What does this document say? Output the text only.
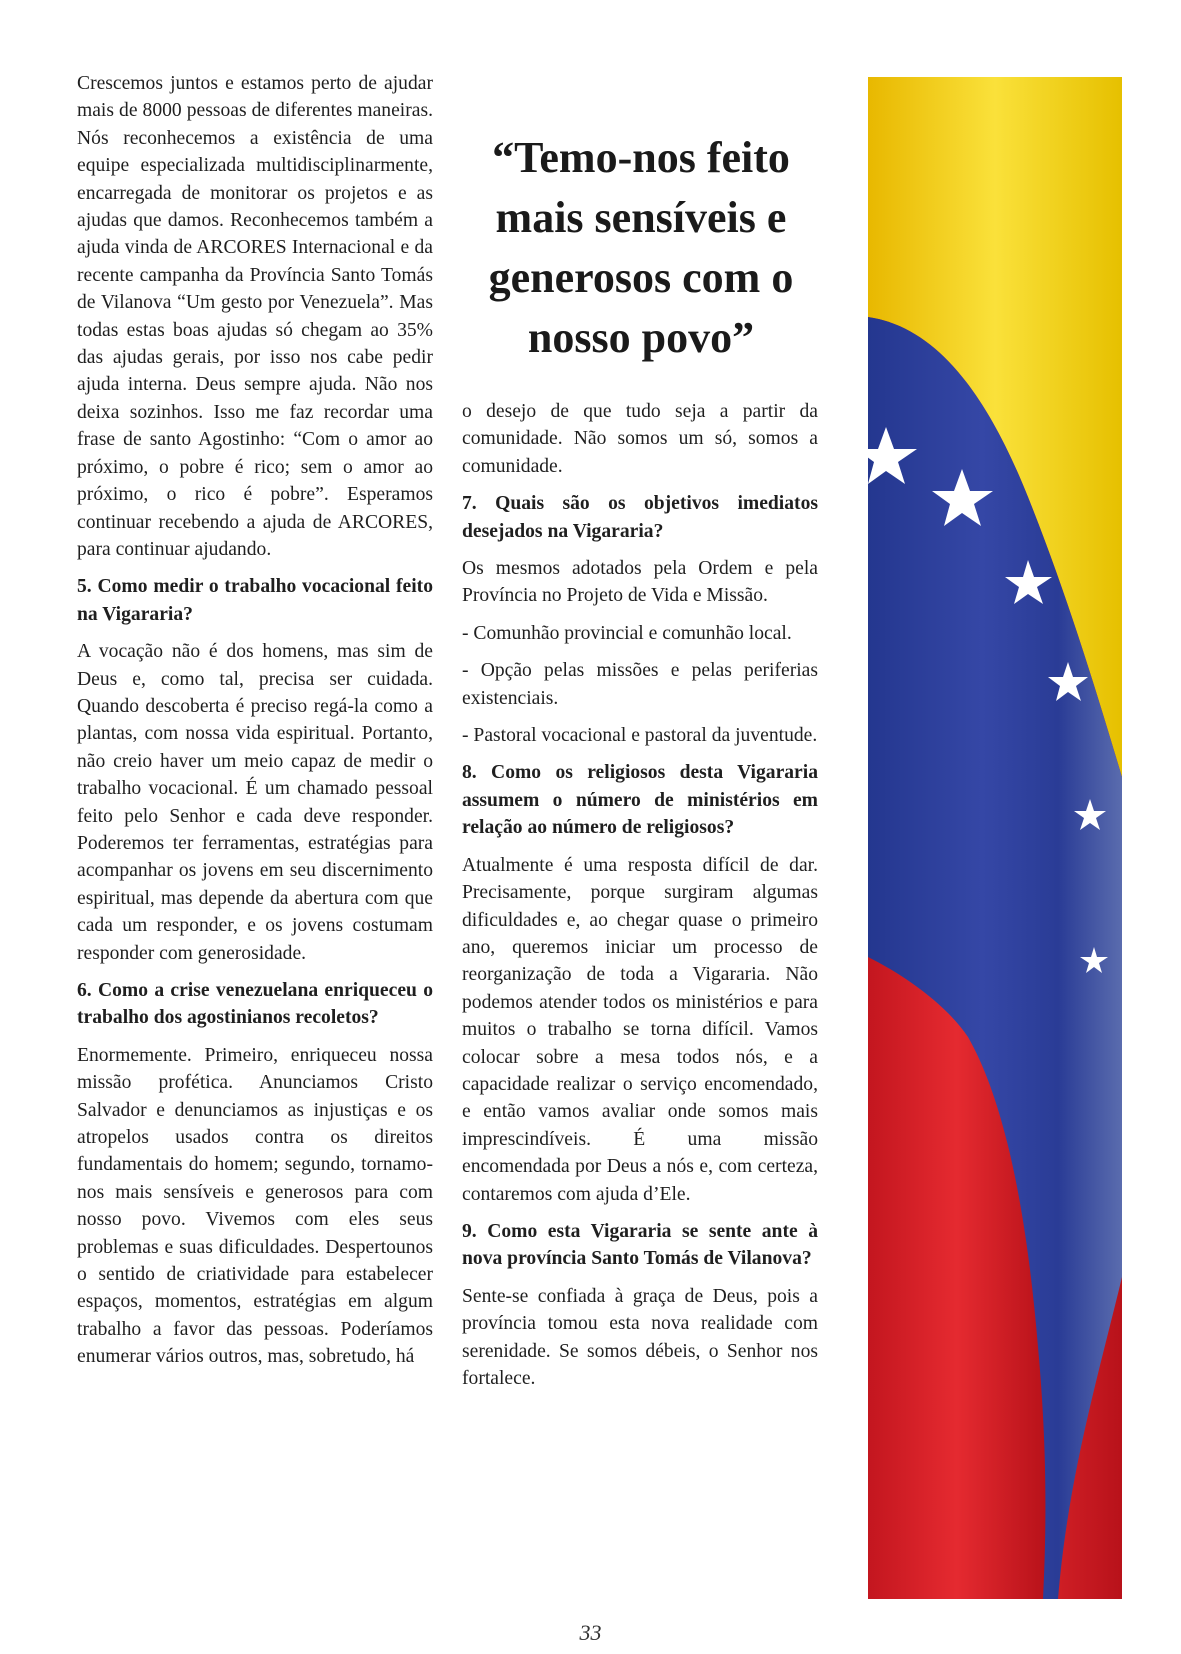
Crescemos juntos e estamos perto de ajudar mais de 8000 pessoas de diferentes maneiras. Nós reconhecemos a existência de uma equipe especializada multidisciplinarmente, encarregada de monitorar os projetos e as ajudas que damos. Reconhecemos também a ajuda vinda de ARCORES Internacional e da recente campanha da Província Santo Tomás de Vilanova “Um gesto por Venezuela”. Mas todas estas boas ajudas só chegam ao 35% das ajudas gerais, por isso nos cabe pedir ajuda interna. Deus sempre ajuda. Não nos deixa sozinhos. Isso me faz recordar uma frase de santo Agostinho: “Com o amor ao próximo, o pobre é rico; sem o amor ao próximo, o rico é pobre”. Esperamos continuar recebendo a ajuda de ARCORES, para continuar ajudando.

5. Como medir o trabalho vocacional feito na Vigararia?

A vocação não é dos homens, mas sim de Deus e, como tal, precisa ser cuidada. Quando descoberta é preciso regá-la como a plantas, com nossa vida espiritual. Portanto, não creio haver um meio capaz de medir o trabalho vocacional. É um chamado pessoal feito pelo Senhor e cada deve responder. Poderemos ter ferramentas, estratégias para acompanhar os jovens em seu discernimento espiritual, mas depende da abertura com que cada um responder, e os jovens costumam responder com generosidade.

6. Como a crise venezuelana enriqueceu o trabalho dos agostinianos recoletos?

Enormemente. Primeiro, enriqueceu nossa missão profética. Anunciamos Cristo Salvador e denunciamos as injustiças e os atropelos usados contra os direitos fundamentais do homem; segundo, tornamo-nos mais sensíveis e generosos para com nosso povo. Vivemos com eles seus problemas e suas dificuldades. Despertounos o sentido de criatividade para estabelecer espaços, momentos, estratégias em algum trabalho a favor das pessoas. Poderíamos enumerar vários outros, mas, sobretudo, há

“Temo-nos feito mais sensíveis e generosos com o nosso povo”

o desejo de que tudo seja a partir da comunidade. Não somos um só, somos a comunidade.

7. Quais são os objetivos imediatos desejados na Vigararia?

Os mesmos adotados pela Ordem e pela Província no Projeto de Vida e Missão.

- Comunhão provincial e comunhão local.

- Opção pelas missões e pelas periferias existenciais.

- Pastoral vocacional e pastoral da juventude.

8. Como os religiosos desta Vigararia assumem o número de ministérios em relação ao número de religiosos?

Atualmente é uma resposta difícil de dar. Precisamente, porque surgiram algumas dificuldades e, ao chegar quase o primeiro ano, queremos iniciar um processo de reorganização de toda a Vigararia. Não podemos atender todos os ministérios e para muitos o trabalho se torna difícil. Vamos colocar sobre a mesa todos nós, e a capacidade realizar o serviço encomendado, e então vamos avaliar onde somos mais imprescindíveis. É uma missão encomendada por Deus a nós e, com certeza, contaremos com ajuda d’Ele.

9. Como esta Vigararia se sente ante à nova província Santo Tomás de Vilanova?

Sente-se confiada à graça de Deus, pois a província tomou esta nova realidade com serenidade. Se somos débeis, o Senhor nos fortalece.

33
